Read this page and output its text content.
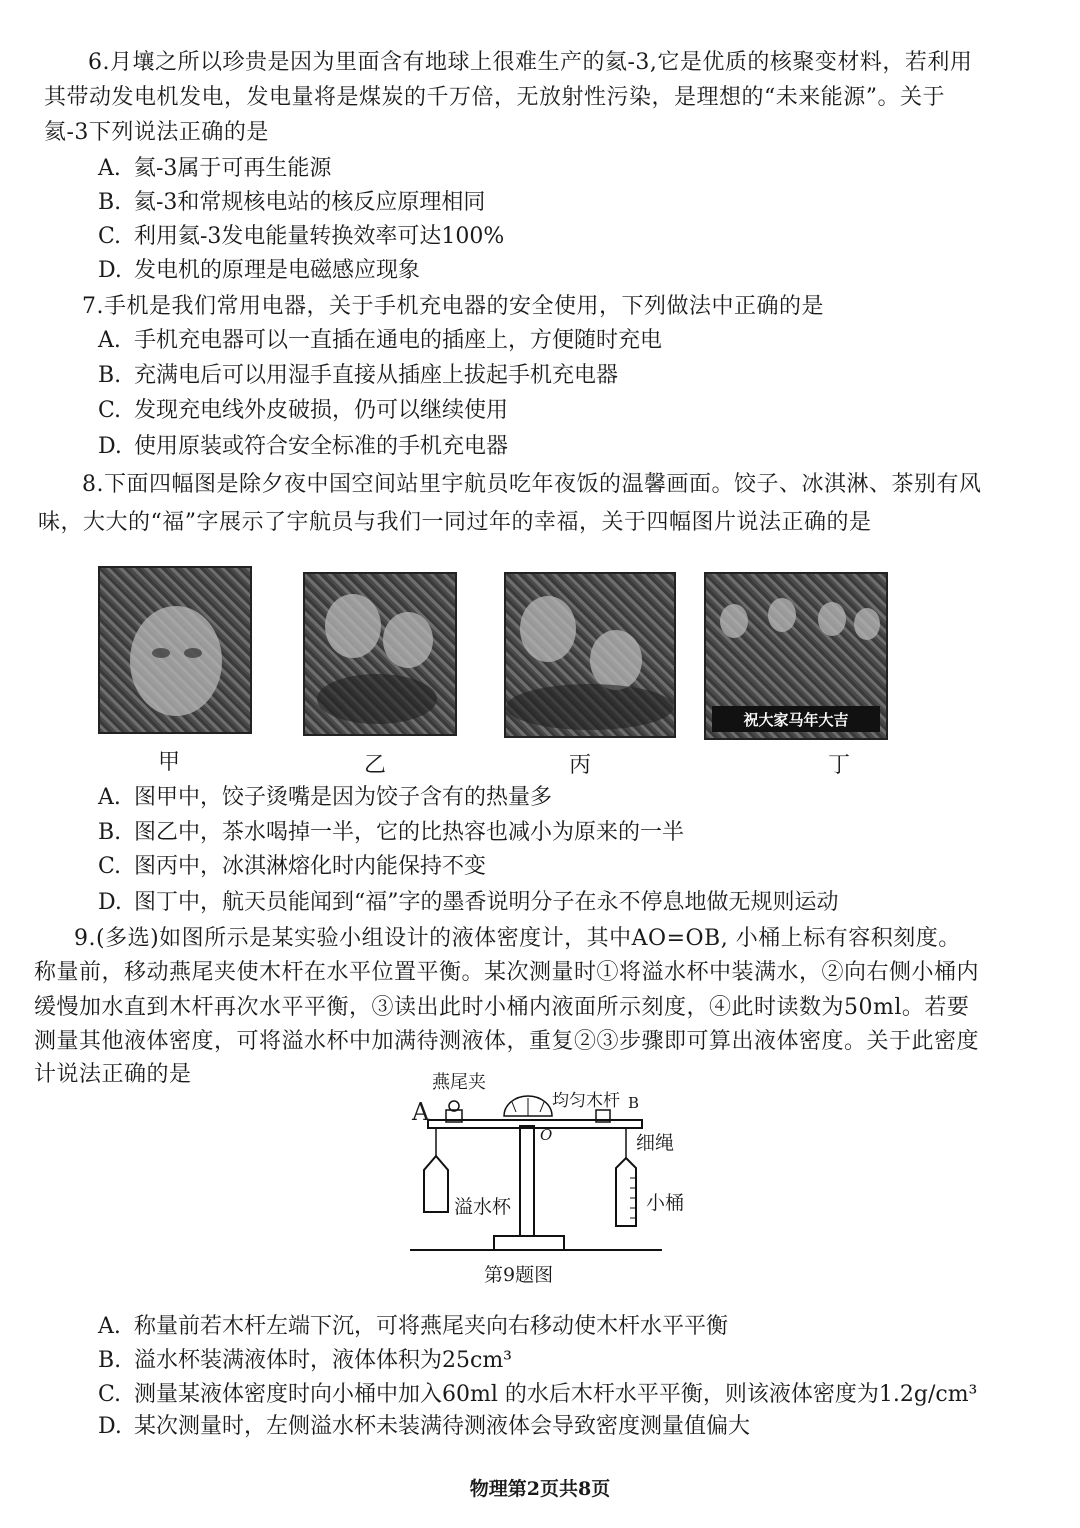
6.月壤之所以珍贵是因为里面含有地球上很难生产的氦-3,它是优质的核聚变材料，若利用
其带动发电机发电，发电量将是煤炭的千万倍，无放射性污染，是理想的“未来能源”。关于
氦-3下列说法正确的是
A. 氦-3属于可再生能源
B. 氦-3和常规核电站的核反应原理相同
C. 利用氦-3发电能量转换效率可达100%
D. 发电机的原理是电磁感应现象
7.手机是我们常用电器，关于手机充电器的安全使用，下列做法中正确的是
A. 手机充电器可以一直插在通电的插座上，方便随时充电
B. 充满电后可以用湿手直接从插座上拔起手机充电器
C. 发现充电线外皮破损，仍可以继续使用
D. 使用原装或符合安全标准的手机充电器
8.下面四幅图是除夕夜中国空间站里宇航员吃年夜饭的温馨画面。饺子、冰淇淋、茶别有风
味，大大的“福”字展示了宇航员与我们一同过年的幸福，关于四幅图片说法正确的是
祝大家马年大吉
甲	乙	丙	丁
A. 图甲中，饺子烫嘴是因为饺子含有的热量多
B. 图乙中，茶水喝掉一半，它的比热容也减小为原来的一半
C. 图丙中，冰淇淋熔化时内能保持不变
D. 图丁中，航天员能闻到“福”字的墨香说明分子在永不停息地做无规则运动
9.(多选)如图所示是某实验小组设计的液体密度计，其中AO=OB, 小桶上标有容积刻度。
称量前，移动燕尾夹使木杆在水平位置平衡。某次测量时①将溢水杯中装满水，②向右侧小桶内
缓慢加水直到木杆再次水平平衡，③读出此时小桶内液面所示刻度，④此时读数为50ml。若要
测量其他液体密度，可将溢水杯中加满待测液体，重复②③步骤即可算出液体密度。关于此密度
计说法正确的是	燕尾夹
均匀木杆
A	B
O	细绳
溢水杯	小桶
第9题图
A. 称量前若木杆左端下沉，可将燕尾夹向右移动使木杆水平平衡
B. 溢水杯装满液体时，液体体积为25cm³
C. 测量某液体密度时向小桶中加入60ml 的水后木杆水平平衡，则该液体密度为1.2g/cm³
D. 某次测量时，左侧溢水杯未装满待测液体会导致密度测量值偏大
物理第2页共8页
